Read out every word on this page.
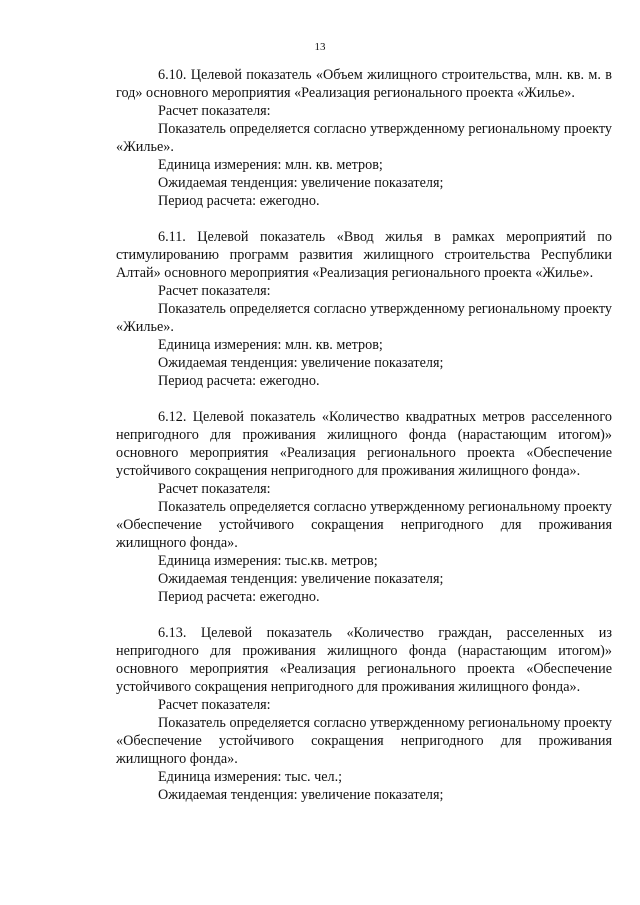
13

6.10. Целевой показатель «Объем жилищного строительства, млн. кв. м. в год» основного мероприятия «Реализация регионального проекта «Жилье».

Расчет показателя:

Показатель определяется согласно утвержденному региональному проекту «Жилье».

Единица измерения: млн. кв. метров;

Ожидаемая тенденция: увеличение показателя;

Период расчета: ежегодно.

6.11. Целевой показатель «Ввод жилья в рамках мероприятий по стимулированию программ развития жилищного строительства Республики Алтай» основного мероприятия «Реализация регионального проекта «Жилье».

Расчет показателя:

Показатель определяется согласно утвержденному региональному проекту «Жилье».

Единица измерения: млн. кв. метров;

Ожидаемая тенденция: увеличение показателя;

Период расчета: ежегодно.

6.12. Целевой показатель «Количество квадратных метров расселенного непригодного для проживания жилищного фонда (нарастающим итогом)» основного мероприятия «Реализация регионального проекта «Обеспечение устойчивого сокращения непригодного для проживания жилищного фонда».

Расчет показателя:

Показатель определяется согласно утвержденному региональному проекту «Обеспечение устойчивого сокращения непригодного для проживания жилищного фонда».

Единица измерения: тыс.кв. метров;

Ожидаемая тенденция: увеличение показателя;

Период расчета: ежегодно.

6.13. Целевой показатель «Количество граждан, расселенных из непригодного для проживания жилищного фонда (нарастающим итогом)» основного мероприятия «Реализация регионального проекта «Обеспечение устойчивого сокращения непригодного для проживания жилищного фонда».

Расчет показателя:

Показатель определяется согласно утвержденному региональному проекту «Обеспечение устойчивого сокращения непригодного для проживания жилищного фонда».

Единица измерения: тыс. чел.;

Ожидаемая тенденция: увеличение показателя;
